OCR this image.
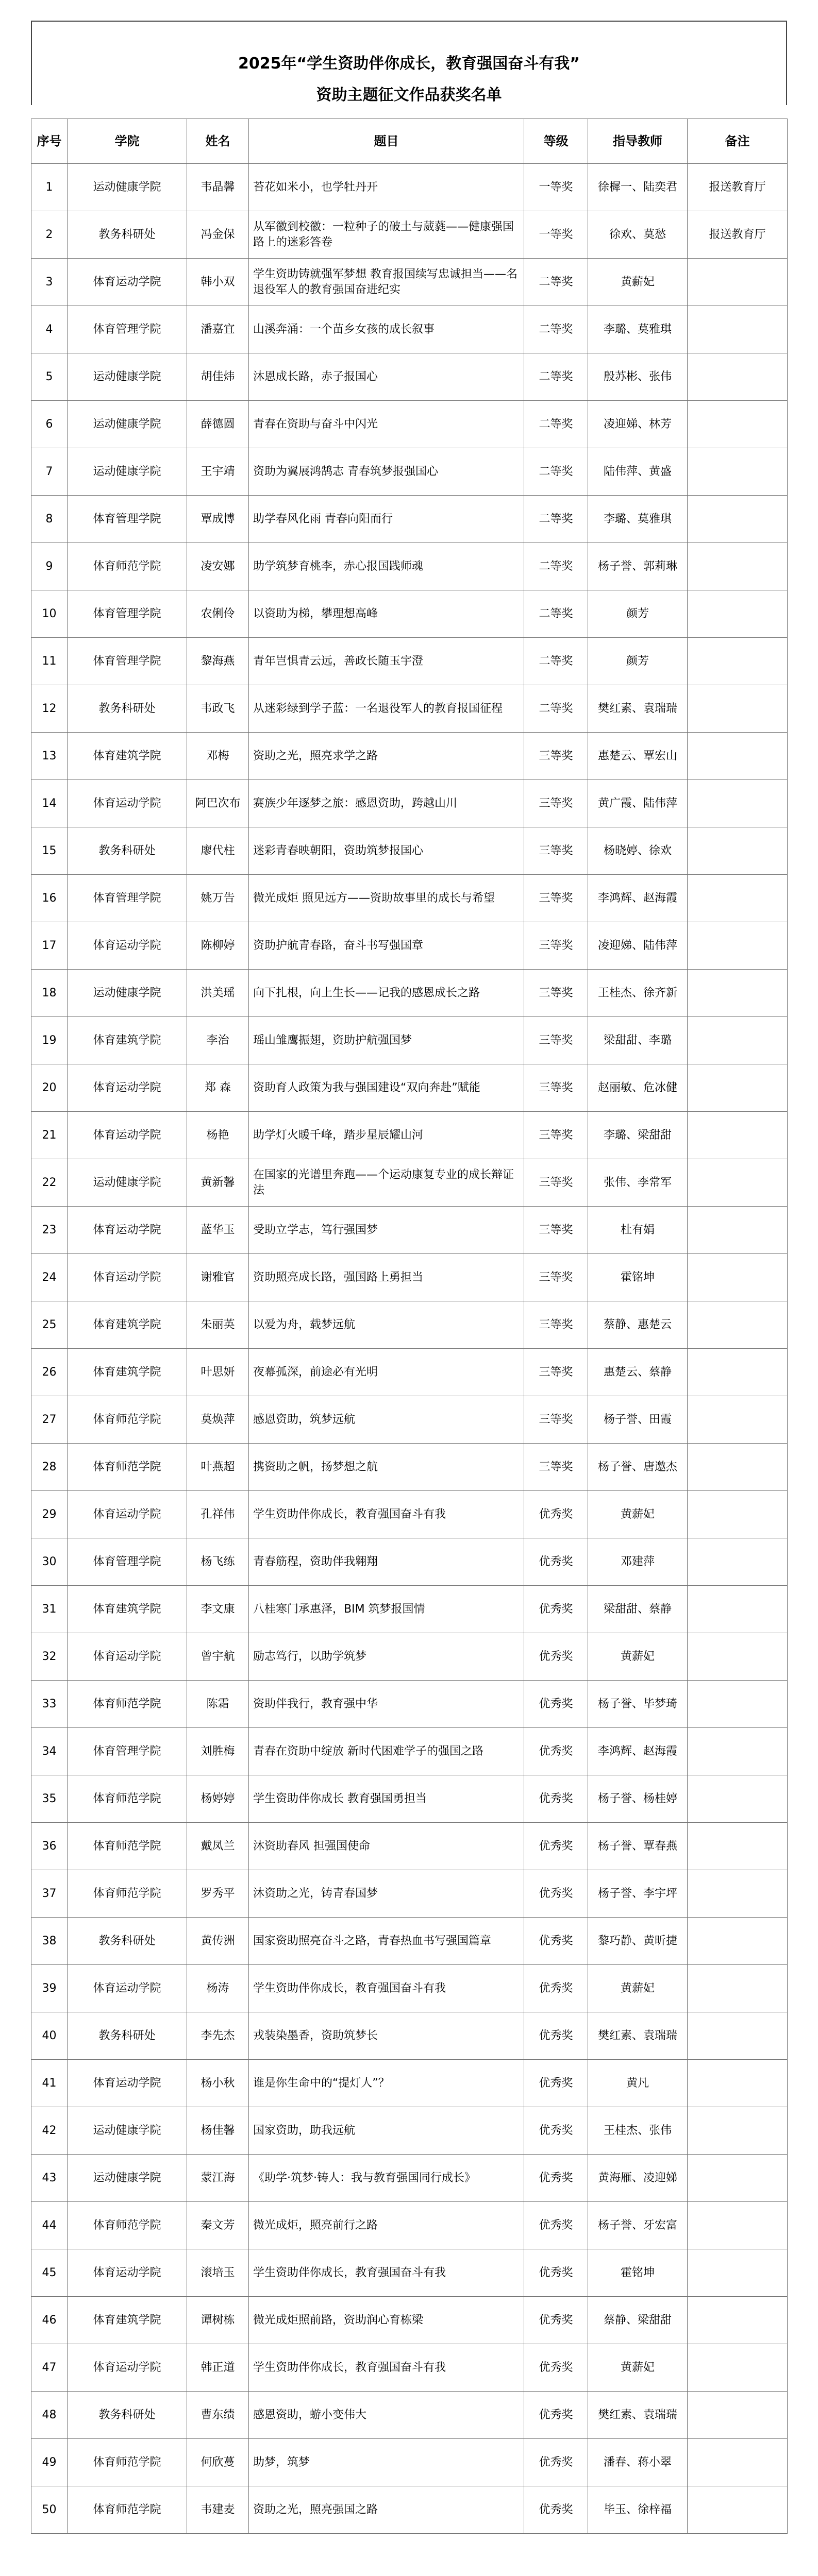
2025年“学生资助伴你成长，教育强国奋斗有我”
资助主题征文作品获奖名单
序号	学院	姓名	题目	等级	指导教师	备注
1	运动健康学院	韦晶馨	苔花如米小，也学牡丹开	一等奖	徐樨一、陆奕君	报送教育厅
2	教务科研处	冯金保	从军徽到校徽：一粒种子的破土与葳蕤——健康强国路上的迷彩答卷	一等奖	徐欢、莫愁	报送教育厅
3	体育运动学院	韩小双	学生资助铸就强军梦想 教育报国续写忠诚担当——名退役军人的教育强国奋进纪实	二等奖	黄薪妃	
4	体育管理学院	潘嘉宜	山溪奔涌：一个苗乡女孩的成长叙事	二等奖	李璐、莫雅琪	
5	运动健康学院	胡佳炜	沐恩成长路，赤子报国心	二等奖	殷苏彬、张伟	
6	运动健康学院	薛德圆	青春在资助与奋斗中闪光	二等奖	凌迎娣、林芳	
7	运动健康学院	王宇靖	资助为翼展鸿鹄志 青春筑梦报强国心	二等奖	陆伟萍、黄盛	
8	体育管理学院	覃成博	助学春风化雨 青春向阳而行	二等奖	李璐、莫雅琪	
9	体育师范学院	凌安娜	助学筑梦育桃李，赤心报国践师魂	二等奖	杨子誉、郭莉琳	
10	体育管理学院	农俐伶	以资助为梯，攀理想高峰	二等奖	颜芳	
11	体育管理学院	黎海燕	青年岂惧青云远，善政长随玉宇澄	二等奖	颜芳	
12	教务科研处	韦政飞	从迷彩绿到学子蓝：一名退役军人的教育报国征程	二等奖	樊红素、袁瑞瑞	
13	体育建筑学院	邓梅	资助之光，照亮求学之路	三等奖	惠楚云、覃宏山	
14	体育运动学院	阿巴次布	赛族少年逐梦之旅：感恩资助，跨越山川	三等奖	黄广霞、陆伟萍	
15	教务科研处	廖代柱	迷彩青春映朝阳，资助筑梦报国心	三等奖	杨晓婷、徐欢	
16	体育管理学院	姚万告	微光成炬 照见远方——资助故事里的成长与希望	三等奖	李鸿辉、赵海霞	
17	体育运动学院	陈柳婷	资助护航青春路，奋斗书写强国章	三等奖	凌迎娣、陆伟萍	
18	运动健康学院	洪美瑶	向下扎根，向上生长——记我的感恩成长之路	三等奖	王桂杰、徐齐新	
19	体育建筑学院	李治	瑶山雏鹰振翅，资助护航强国梦	三等奖	梁甜甜、李璐	
20	体育运动学院	郑 森	资助育人政策为我与强国建设“双向奔赴”赋能	三等奖	赵丽敏、危冰健	
21	体育运动学院	杨艳	助学灯火暖千峰，踏步星辰耀山河	三等奖	李璐、梁甜甜	
22	运动健康学院	黄新馨	在国家的光谱里奔跑——个运动康复专业的成长辩证法	三等奖	张伟、李常军	
23	体育运动学院	蓝华玉	受助立学志，笃行强国梦	三等奖	杜有娟	
24	体育运动学院	谢雅官	资助照亮成长路，强国路上勇担当	三等奖	霍铭坤	
25	体育建筑学院	朱丽英	以爱为舟，载梦远航	三等奖	蔡静、惠楚云	
26	体育建筑学院	叶思妍	夜幕孤深，前途必有光明	三等奖	惠楚云、蔡静	
27	体育师范学院	莫焕萍	感恩资助，筑梦远航	三等奖	杨子誉、田霞	
28	体育师范学院	叶燕超	携资助之帆，扬梦想之航	三等奖	杨子誉、唐邀杰	
29	体育运动学院	孔祥伟	学生资助伴你成长，教育强国奋斗有我	优秀奖	黄薪妃	
30	体育管理学院	杨飞练	青春筋程，资助伴我翱翔	优秀奖	邓建萍	
31	体育建筑学院	李文康	八桂寒门承惠泽，BIM 筑梦报国情	优秀奖	梁甜甜、蔡静	
32	体育运动学院	曾宇航	励志笃行，以助学筑梦	优秀奖	黄薪妃	
33	体育师范学院	陈霜	资助伴我行，教育强中华	优秀奖	杨子誉、毕梦琦	
34	体育管理学院	刘胜梅	青春在资助中绽放 新时代困难学子的强国之路	优秀奖	李鸿辉、赵海霞	
35	体育师范学院	杨婷婷	学生资助伴你成长 教育强国勇担当	优秀奖	杨子誉、杨桂婷	
36	体育师范学院	戴凤兰	沐资助春风 担强国使命	优秀奖	杨子誉、覃春燕	
37	体育师范学院	罗秀平	沐资助之光，铸青春国梦	优秀奖	杨子誉、李宇坪	
38	教务科研处	黄传洲	国家资助照亮奋斗之路，青春热血书写强国篇章	优秀奖	黎巧静、黄昕捷	
39	体育运动学院	杨涛	学生资助伴你成长，教育强国奋斗有我	优秀奖	黄薪妃	
40	教务科研处	李先杰	戎装染墨香，资助筑梦长	优秀奖	樊红素、袁瑞瑞	
41	体育运动学院	杨小秋	谁是你生命中的“提灯人”？	优秀奖	黄凡	
42	运动健康学院	杨佳馨	国家资助，助我远航	优秀奖	王桂杰、张伟	
43	运动健康学院	蒙江海	《助学·筑梦·铸人：我与教育强国同行成长》	优秀奖	黄海雁、凌迎娣	
44	体育师范学院	秦文芳	微光成炬，照亮前行之路	优秀奖	杨子誉、牙宏富	
45	体育运动学院	滚培玉	学生资助伴你成长，教育强国奋斗有我	优秀奖	霍铭坤	
46	体育建筑学院	谭树栋	微光成炬照前路，资助润心育栋梁	优秀奖	蔡静、梁甜甜	
47	体育运动学院	韩正道	学生资助伴你成长，教育强国奋斗有我	优秀奖	黄薪妃	
48	教务科研处	曹东绩	感恩资助，蝣小变伟大	优秀奖	樊红素、袁瑞瑞	
49	体育师范学院	何欣蔓	助梦，筑梦	优秀奖	潘春、蒋小翠	
50	体育师范学院	韦建麦	资助之光，照亮强国之路	优秀奖	毕玉、徐梓福	
